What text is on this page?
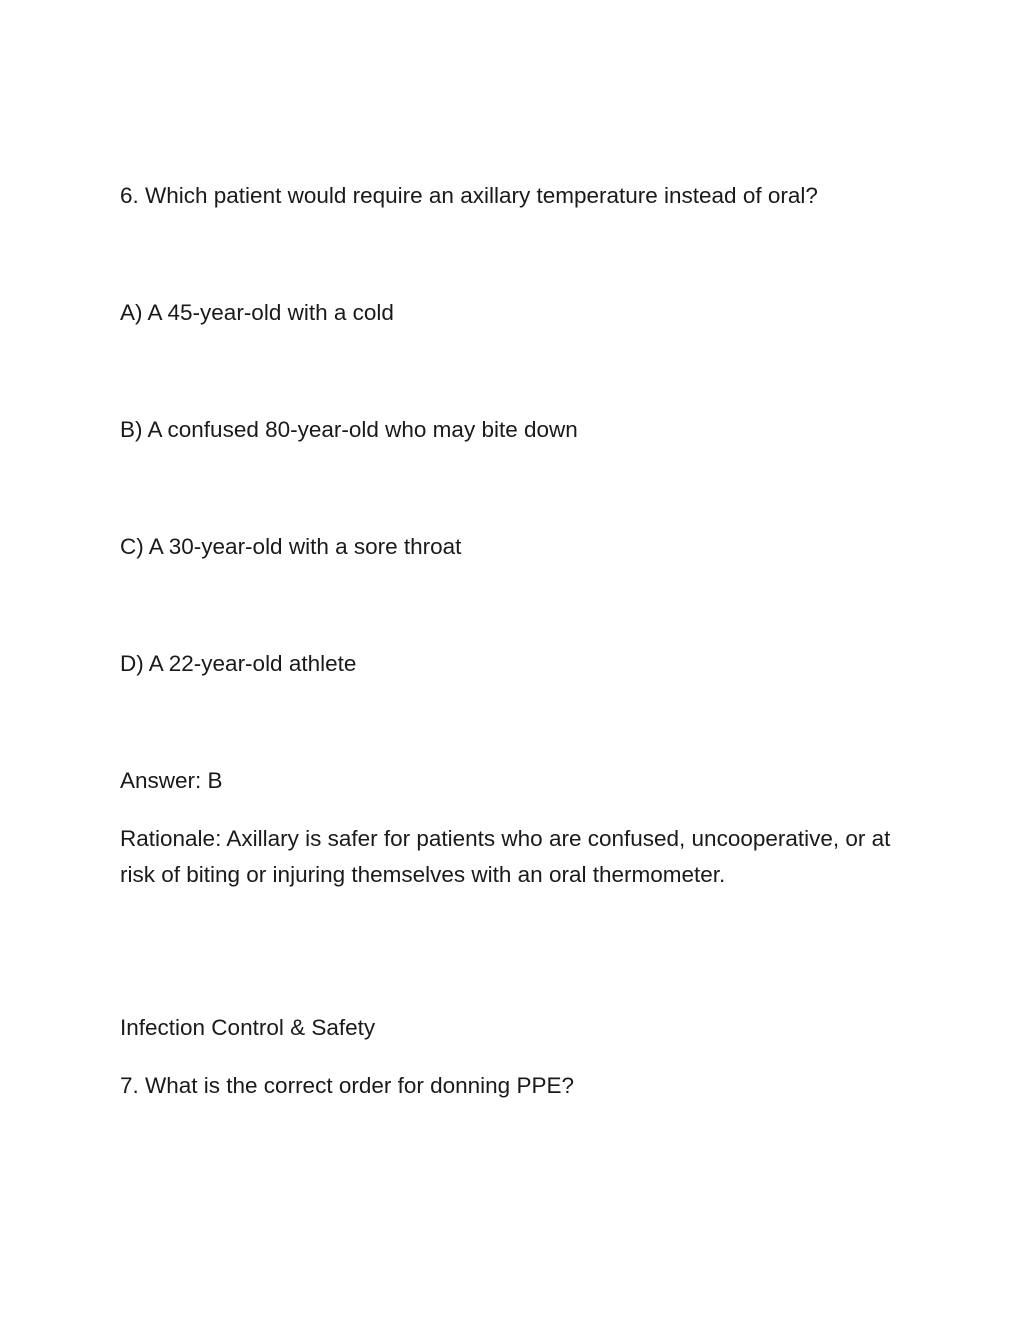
6. Which patient would require an axillary temperature instead of oral?

A) A 45-year-old with a cold

B) A confused 80-year-old who may bite down

C) A 30-year-old with a sore throat

D) A 22-year-old athlete

Answer: B

Rationale: Axillary is safer for patients who are confused, uncooperative, or at risk of biting or injuring themselves with an oral thermometer.

Infection Control & Safety

7. What is the correct order for donning PPE?
